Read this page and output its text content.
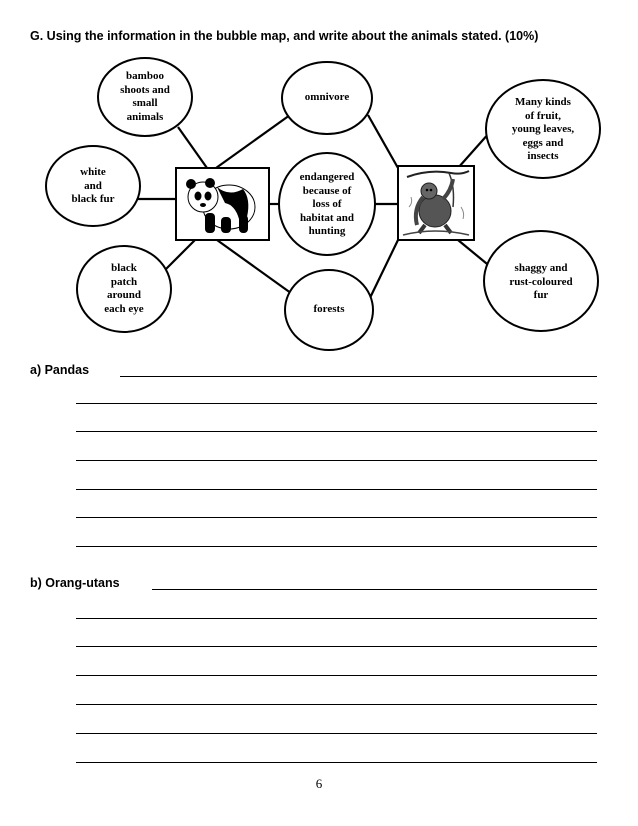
G. Using the information in the bubble map, and write about the animals stated. (10%)
bamboo
shoots and
small
animals
omnivore	Many kinds
of fruit,
young leaves,
eggs and
insects
white
and
black fur
endangered
because of
loss of
habitat and
hunting
black
patch
around
each eye	forests
shaggy and
rust-coloured
fur
a) Pandas
b) Orang-utans
6
